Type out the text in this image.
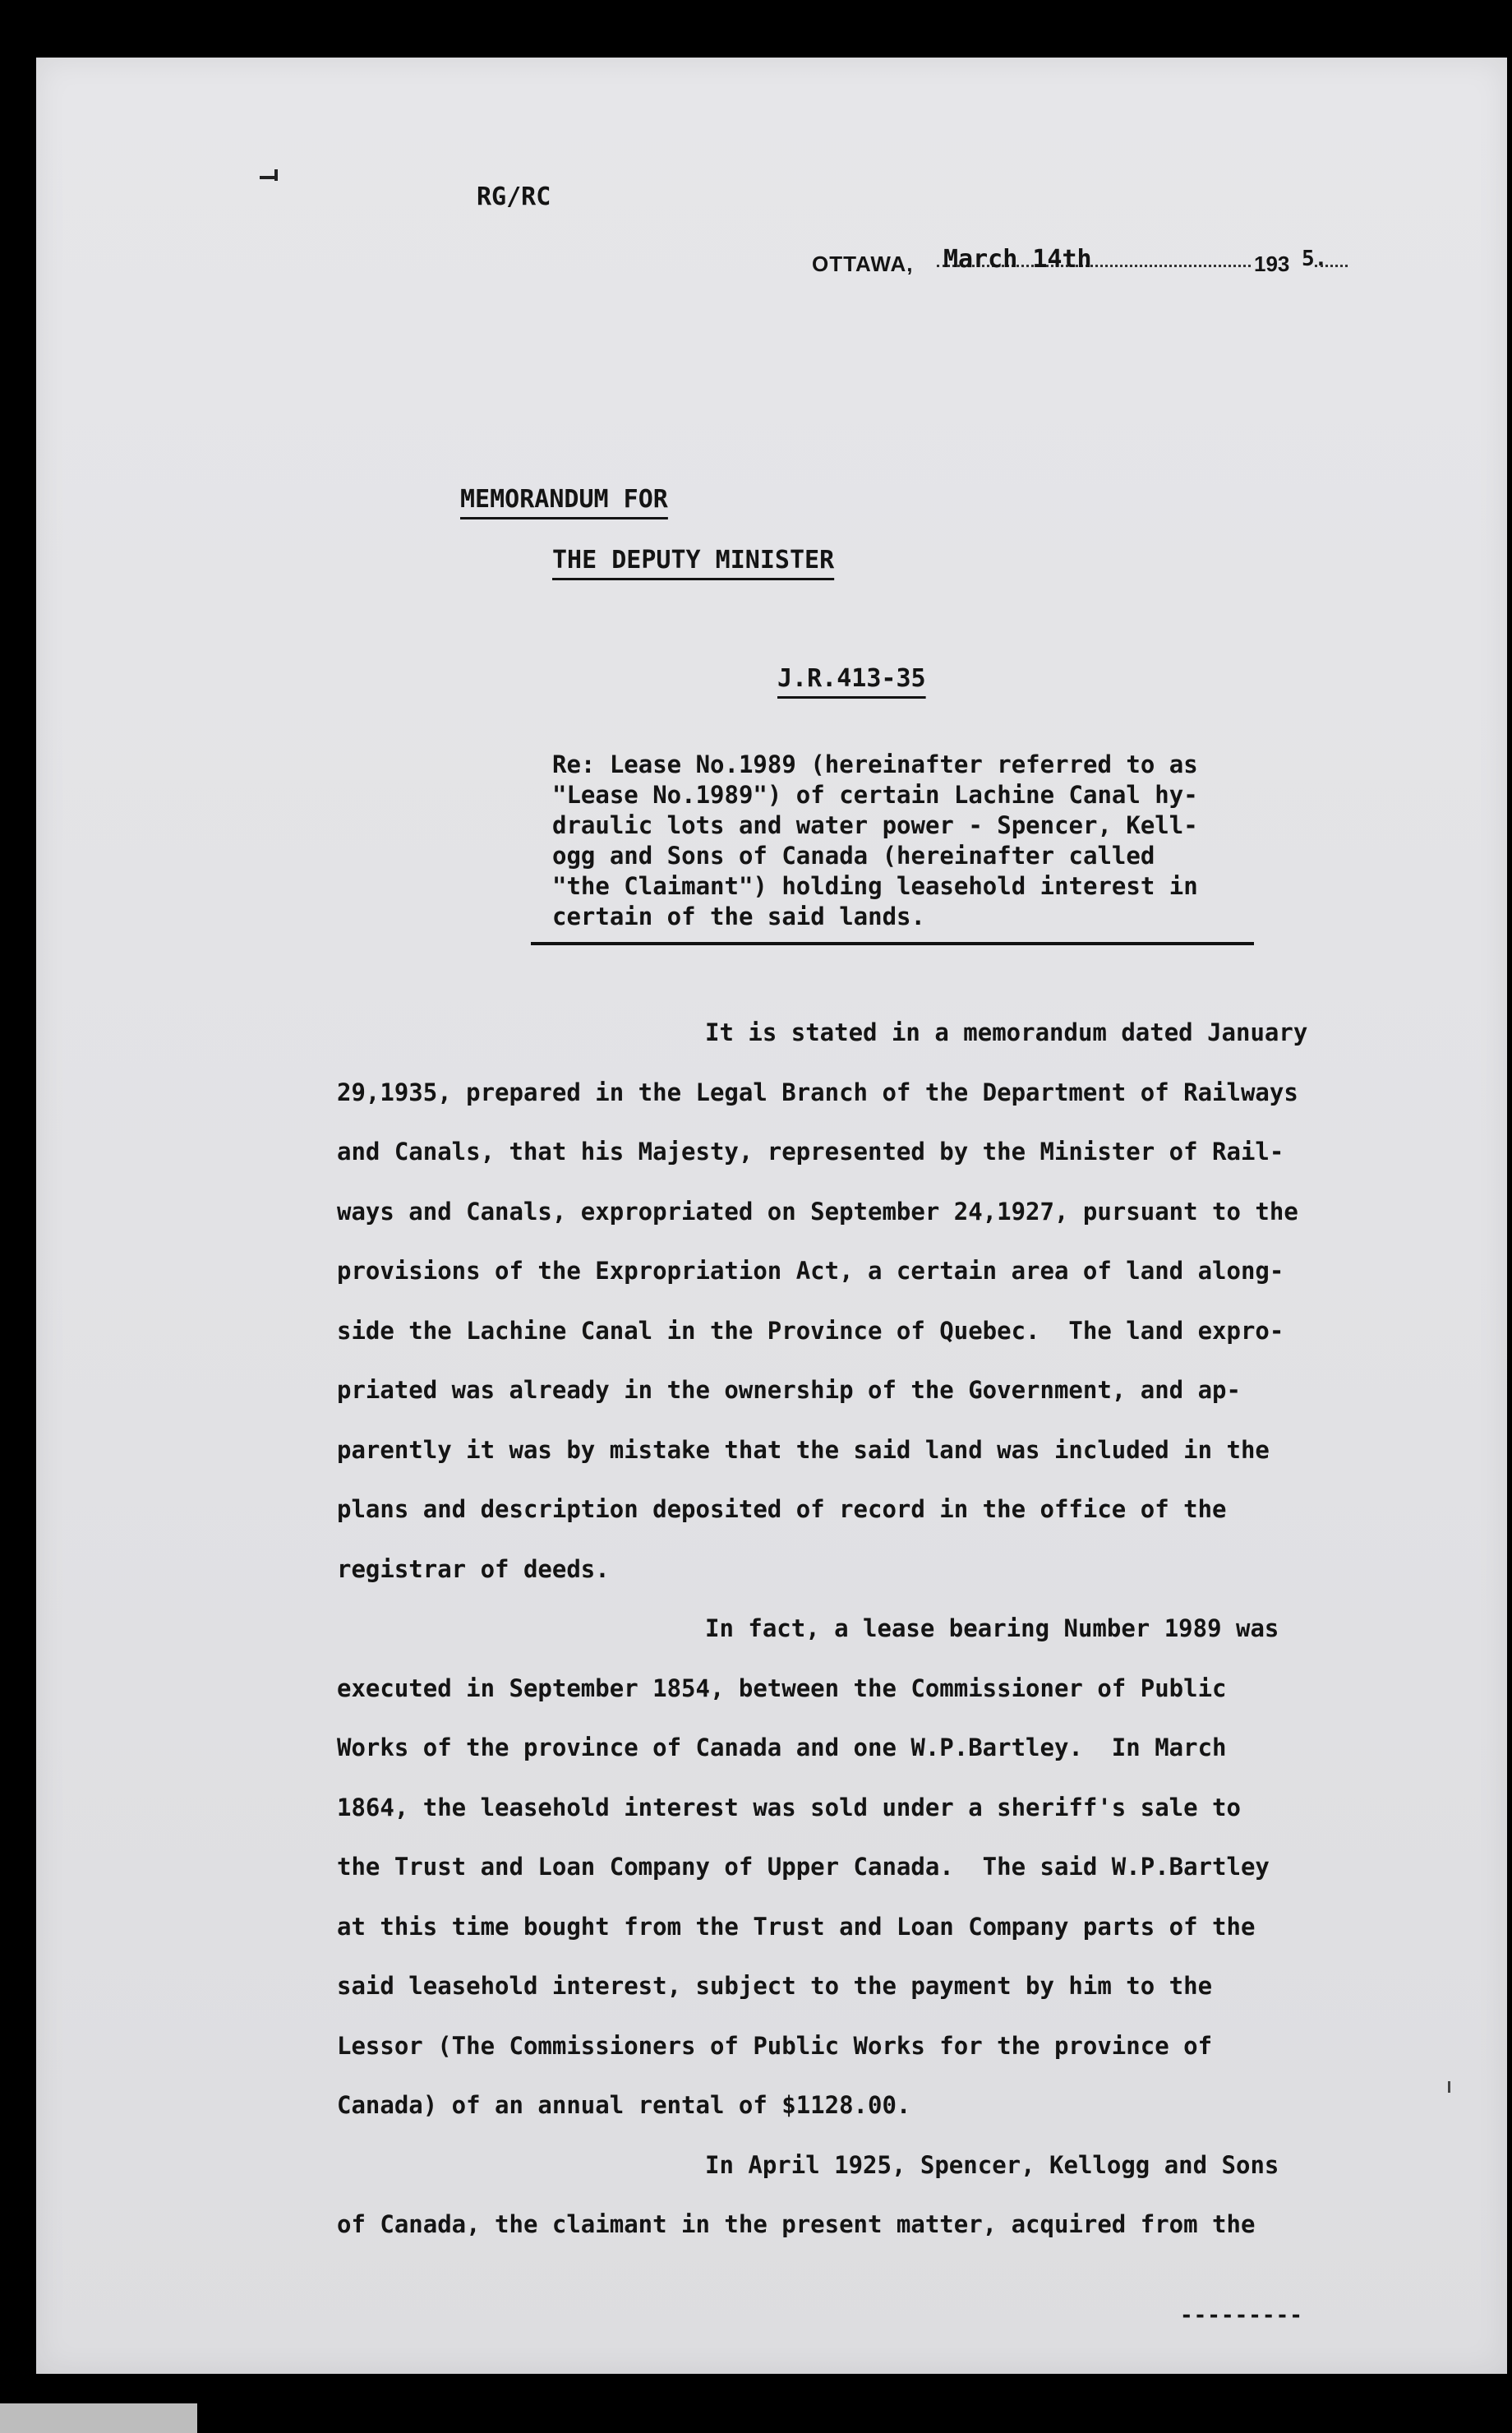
RG/RC
OTTAWA, March 14th	193 5.
MEMORANDUM FOR
THE DEPUTY MINISTER
J.R.413-35
Re: Lease No.1989 (hereinafter referred to as
"Lease No.1989") of certain Lachine Canal hy-
draulic lots and water power - Spencer, Kell-
ogg and Sons of Canada (hereinafter called
"the Claimant") holding leasehold interest in
certain of the said lands.
It is stated in a memorandum dated January
29,1935, prepared in the Legal Branch of the Department of Railways
and Canals, that his Majesty, represented by the Minister of Rail-
ways and Canals, expropriated on September 24,1927, pursuant to the
provisions of the Expropriation Act, a certain area of land along-
side the Lachine Canal in the Province of Quebec.  The land expro-
priated was already in the ownership of the Government, and ap-
parently it was by mistake that the said land was included in the
plans and description deposited of record in the office of the
registrar of deeds.
In fact, a lease bearing Number 1989 was
executed in September 1854, between the Commissioner of Public
Works of the province of Canada and one W.P.Bartley.  In March
1864, the leasehold interest was sold under a sheriff's sale to
the Trust and Loan Company of Upper Canada.  The said W.P.Bartley
at this time bought from the Trust and Loan Company parts of the
said leasehold interest, subject to the payment by him to the
Lessor (The Commissioners of Public Works for the province of
Canada) of an annual rental of $1128.00.
In April 1925, Spencer, Kellogg and Sons
of Canada, the claimant in the present matter, acquired from the
---------
